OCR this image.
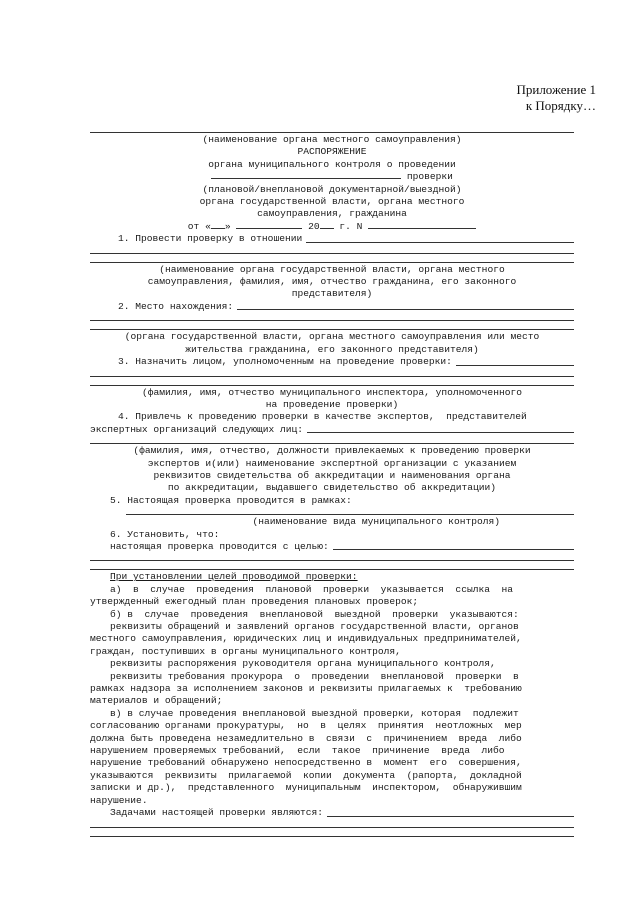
Приложение 1
к Порядку…
(наименование органа местного самоуправления)
РАСПОРЯЖЕНИЕ
органа муниципального контроля о проведении
проверки
(плановой/внеплановой документарной/выездной)
органа государственной власти, органа местного
самоуправления, гражданина
от « »	20 г. N
1. Провести проверку в отношении
(наименование органа государственной власти, органа местного
самоуправления, фамилия, имя, отчество гражданина, его законного
представителя)
2. Место нахождения:
(органа государственной власти, органа местного самоуправления или место
жительства гражданина, его законного представителя)
3. Назначить лицом, уполномоченным на проведение проверки:
(фамилия, имя, отчество муниципального инспектора, уполномоченного
на проведение проверки)
4. Привлечь к проведению проверки в качестве экспертов,  представителей
экспертных организаций следующих лиц:
(фамилия, имя, отчество, должности привлекаемых к проведению проверки
экспертов и(или) наименование экспертной организации с указанием
реквизитов свидетельства об аккредитации и наименования органа
по аккредитации, выдавшего свидетельство об аккредитации)
5. Настоящая проверка проводится в рамках:
(наименование вида муниципального контроля)
6. Установить, что:
настоящая проверка проводится с целью:
При установлении целей проводимой проверки:
а)  в  случае  проведения  плановой  проверки  указывается  ссылка  на
утвержденный ежегодный план проведения плановых проверок;
б) в  случае  проведения  внеплановой  выездной  проверки  указываются:
реквизиты обращений и заявлений органов государственной власти, органов
местного самоуправления, юридических лиц и индивидуальных предпринимателей,
граждан, поступивших в органы муниципального контроля,
реквизиты распоряжения руководителя органа муниципального контроля,
реквизиты требования прокурора  о  проведении  внеплановой  проверки  в
рамках надзора за исполнением законов и реквизиты прилагаемых к  требованию
материалов и обращений;
в) в случае проведения внеплановой выездной проверки, которая  подлежит
согласованию органами прокуратуры,  но  в  целях  принятия  неотложных  мер
должна быть проведена незамедлительно в  связи  с  причинением  вреда  либо
нарушением проверяемых требований,  если  такое  причинение  вреда  либо
нарушение требований обнаружено непосредственно в  момент  его  совершения,
указываются  реквизиты  прилагаемой  копии  документа  (рапорта,  докладной
записки и др.),  представленного  муниципальным  инспектором,  обнаружившим
нарушение.
Задачами настоящей проверки являются:
